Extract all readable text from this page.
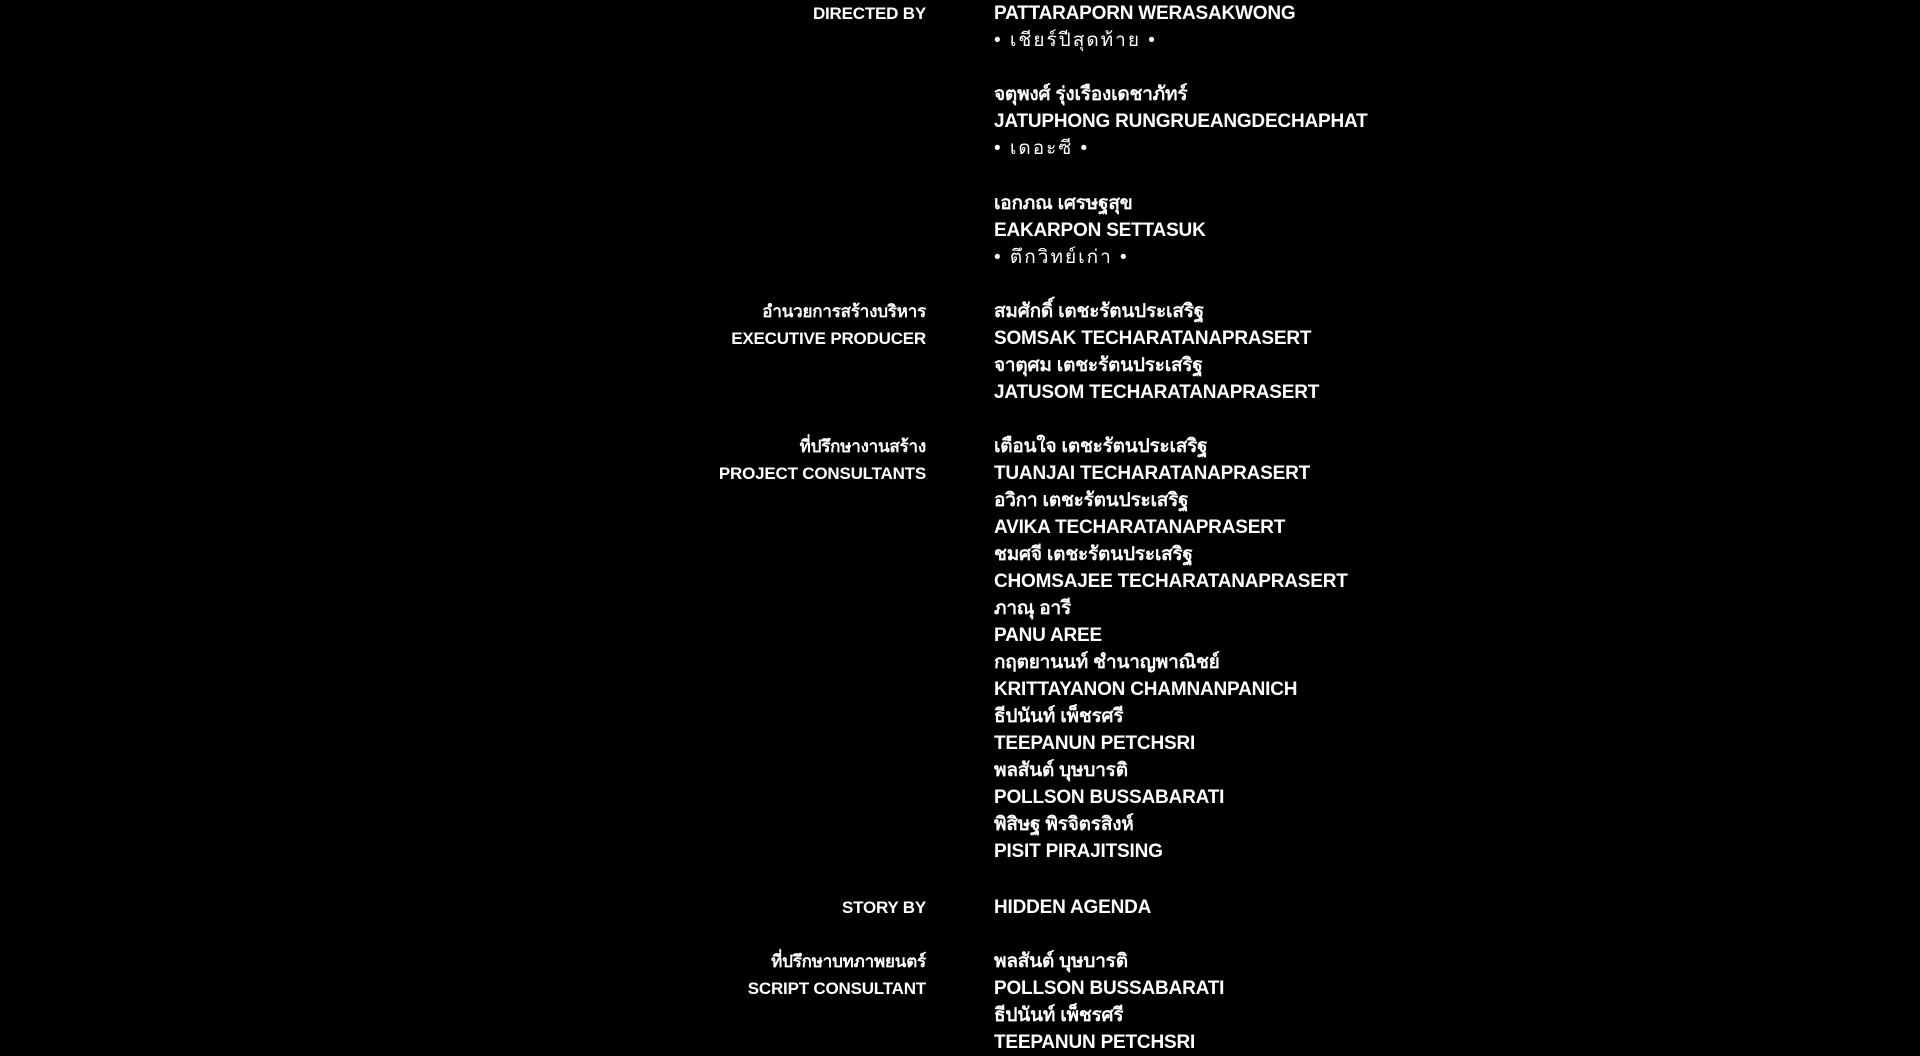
DIRECTED BY	PATTARAPORN WERASAKWONG
• เชียร์ปีสุดท้าย •
จตุพงศ์ รุ่งเรืองเดชาภัทร์
JATUPHONG RUNGRUEANGDECHAPHAT
• เดอะซี •
เอกภณ เศรษฐสุข
EAKARPON SETTASUK
• ตึกวิทย์เก่า •
อำนวยการสร้างบริหาร
EXECUTIVE PRODUCER
สมศักดิ์ เตชะรัตนประเสริฐ
SOMSAK TECHARATANAPRASERT
จาตุศม เตชะรัตนประเสริฐ
JATUSOM TECHARATANAPRASERT
ที่ปรึกษางานสร้าง
PROJECT CONSULTANTS
เตือนใจ เตชะรัตนประเสริฐ
TUANJAI TECHARATANAPRASERT
อวิกา เตชะรัตนประเสริฐ
AVIKA TECHARATANAPRASERT
ชมศจี เตชะรัตนประเสริฐ
CHOMSAJEE TECHARATANAPRASERT
ภาณุ อารี
PANU AREE
กฤตยานนท์ ชำนาญพาณิชย์
KRITTAYANON CHAMNANPANICH
ธีปนันท์ เพ็ชรศรี
TEEPANUN PETCHSRI
พลสันต์ บุษบารติ
POLLSON BUSSABARATI
พิสิษฐ พิรจิตรสิงห์
PISIT PIRAJITSING
STORY BY	HIDDEN AGENDA
ที่ปรึกษาบทภาพยนตร์
SCRIPT CONSULTANT
พลสันต์ บุษบารติ
POLLSON BUSSABARATI
ธีปนันท์ เพ็ชรศรี
TEEPANUN PETCHSRI
